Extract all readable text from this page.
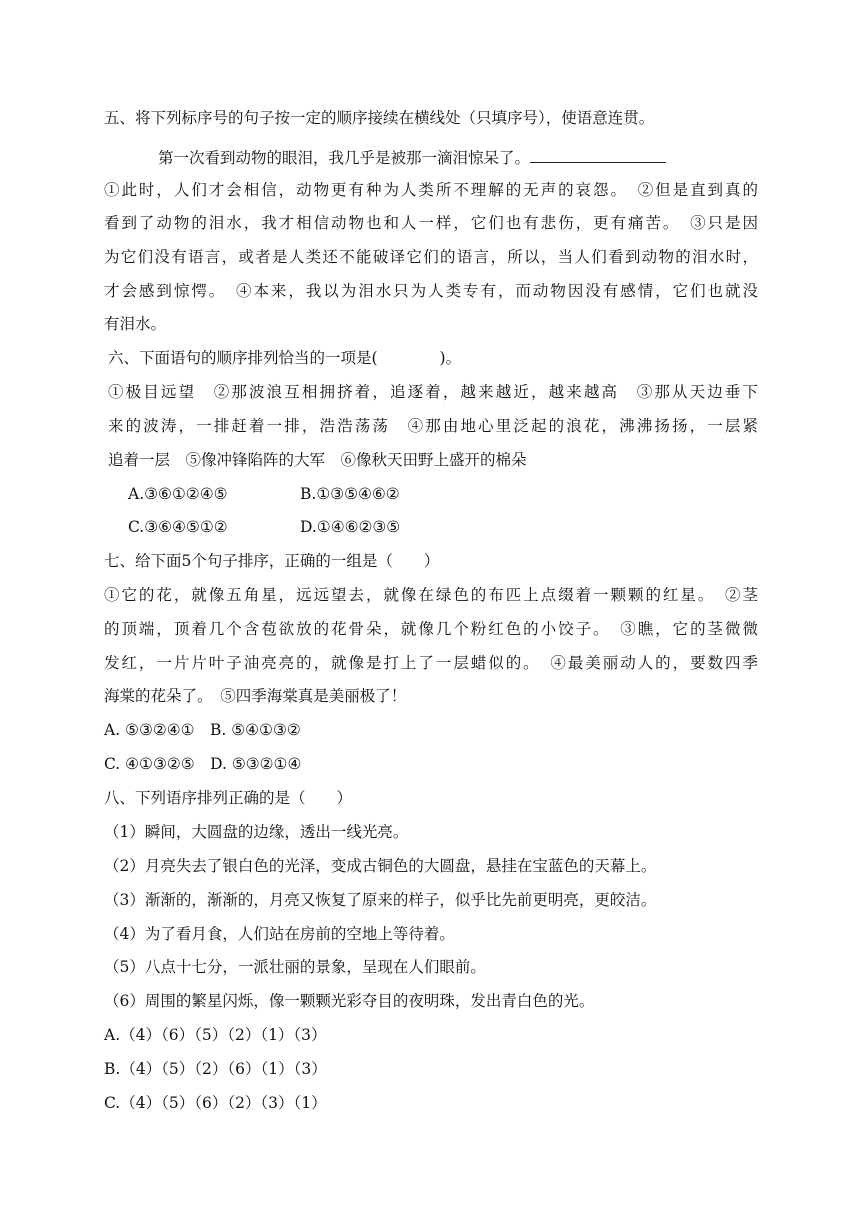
五、将下列标序号的句子按一定的顺序接续在横线处（只填序号），使语意连贯。
第一次看到动物的眼泪，我几乎是被那一滴泪惊呆了。
①此时，人们才会相信，动物更有种为人类所不理解的无声的哀怨。　②但是直到真的
看到了动物的泪水，我才相信动物也和人一样，它们也有悲伤，更有痛苦。　③只是因
为它们没有语言，或者是人类还不能破译它们的语言，所以，当人们看到动物的泪水时，
才会感到惊愕。　④本来，我以为泪水只为人类专有，而动物因没有感情，它们也就没
有泪水。
六、下面语句的顺序排列恰当的一项是(　　　　)。
①极目远望　②那波浪互相拥挤着，追逐着，越来越近，越来越高　③那从天边垂下
来的波涛，一排赶着一排，浩浩荡荡　④那由地心里泛起的浪花，沸沸扬扬，一层紧
追着一层　⑤像冲锋陷阵的大军　⑥像秋天田野上盛开的棉朵
A.③⑥①②④⑤	B.①③⑤④⑥②
C.③⑥④⑤①②	D.①④⑥②③⑤
七、给下面5个句子排序，正确的一组是（　　）
①它的花，就像五角星，远远望去，就像在绿色的布匹上点缀着一颗颗的红星。　②茎
的顶端，顶着几个含苞欲放的花骨朵，就像几个粉红色的小饺子。　③瞧，它的茎微微
发红，一片片叶子油亮亮的，就像是打上了一层蜡似的。　④最美丽动人的，要数四季
海棠的花朵了。　⑤四季海棠真是美丽极了！
A. ⑤③②④①　B. ⑤④①③②
C. ④①③②⑤　D. ⑤③②①④
八、下列语序排列正确的是（　　）
（1）瞬间，大圆盘的边缘，透出一线光亮。
（2）月亮失去了银白色的光泽，变成古铜色的大圆盘，悬挂在宝蓝色的天幕上。
（3）渐渐的，渐渐的，月亮又恢复了原来的样子，似乎比先前更明亮，更皎洁。
（4）为了看月食，人们站在房前的空地上等待着。
（5）八点十七分，一派壮丽的景象，呈现在人们眼前。
（6）周围的繁星闪烁，像一颗颗光彩夺目的夜明珠，发出青白色的光。
A.（4）（6）（5）（2）（1）（3）
B.（4）（5）（2）（6）（1）（3）
C.（4）（5）（6）（2）（3）（1）
